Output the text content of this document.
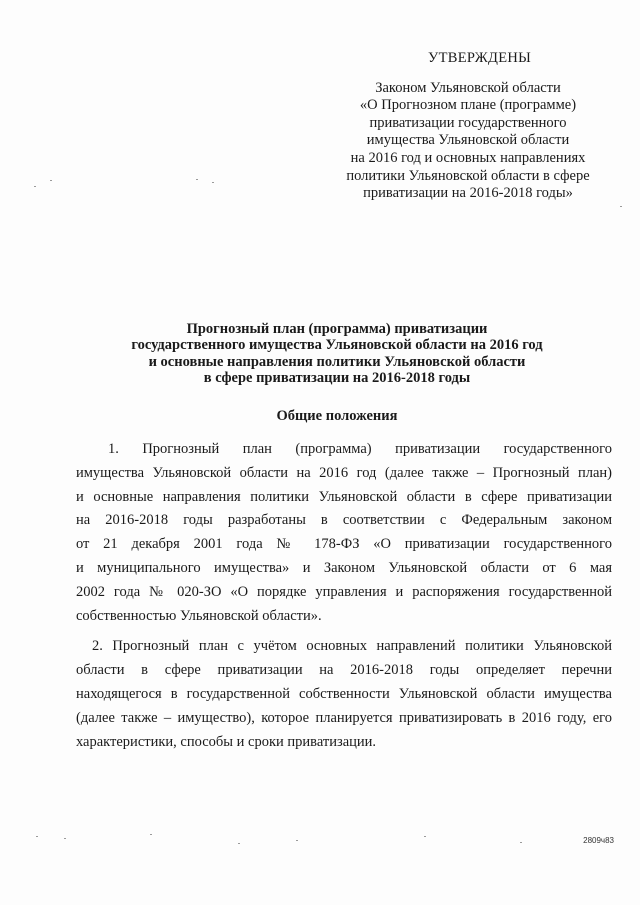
УТВЕРЖДЕНЫ
Законом Ульяновской области
«О Прогнозном плане (программе)
приватизации государственного
имущества Ульяновской области
на 2016 год и основных направлениях
политики Ульяновской области в сфере
приватизации на 2016-2018 годы»
Прогнозный план (программа) приватизации
государственного имущества Ульяновской области на 2016 год
и основные направления политики Ульяновской области
в сфере приватизации на 2016-2018 годы
Общие положения
1. Прогнозный план (программа) приватизации государственного
имущества Ульяновской области на 2016 год (далее также – Прогнозный план)
и основные направления политики Ульяновской области в сфере приватизации
на 2016-2018 годы разработаны в соответствии с Федеральным законом
от 21 декабря 2001 года № 178-ФЗ «О приватизации государственного
и муниципального имущества» и Законом Ульяновской области от 6 мая
2002 года № 020-ЗО «О порядке управления и распоряжения государственной
собственностью Ульяновской области».
2. Прогнозный план с учётом основных направлений политики Ульяновской
области в сфере приватизации на 2016-2018 годы определяет перечни
находящегося в государственной собственности Ульяновской области имущества
(далее также – имущество), которое планируется приватизировать в 2016 году, его
характеристики, способы и сроки приватизации.
2809ч83
